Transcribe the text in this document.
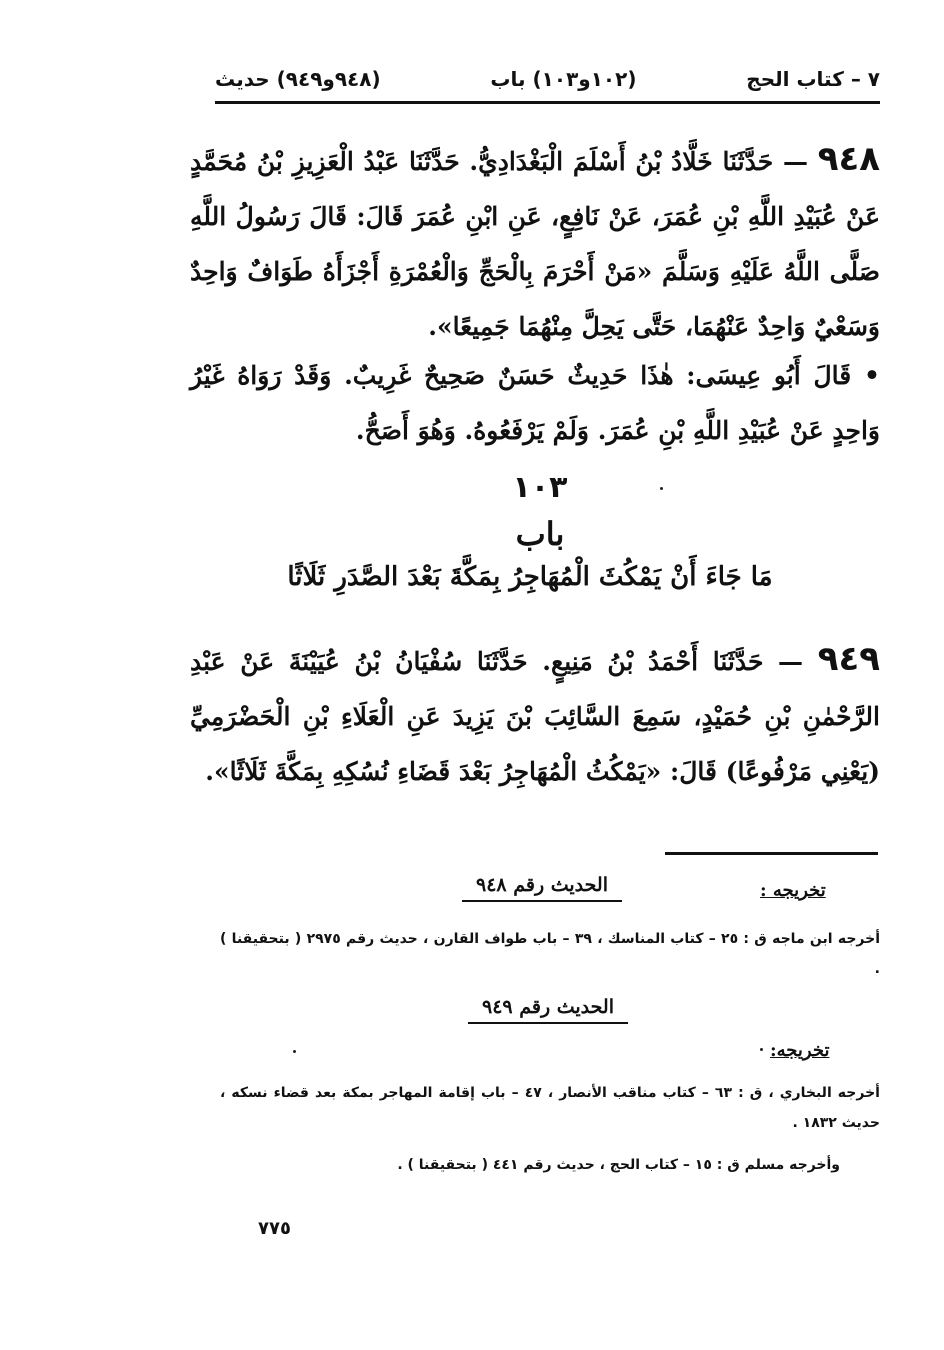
٧ – كتاب الحج
(١٠٢و١٠٣) باب
(٩٤٨و٩٤٩) حديث
٩٤٨ — حَدَّثَنَا خَلَّادُ بْنُ أَسْلَمَ الْبَغْدَادِيُّ. حَدَّثَنَا عَبْدُ الْعَزِيزِ بْنُ مُحَمَّدٍ عَنْ عُبَيْدِ اللَّهِ بْنِ عُمَرَ، عَنْ نَافِعٍ، عَنِ ابْنِ عُمَرَ قَالَ: قَالَ رَسُولُ اللَّهِ صَلَّى اللَّهُ عَلَيْهِ وَسَلَّمَ «مَنْ أَحْرَمَ بِالْحَجِّ وَالْعُمْرَةِ أَجْزَأَهُ طَوَافٌ وَاحِدٌ وَسَعْيٌ وَاحِدٌ عَنْهُمَا، حَتَّى يَحِلَّ مِنْهُمَا جَمِيعًا».
• قَالَ أَبُو عِيسَى: هٰذَا حَدِيثٌ حَسَنٌ صَحِيحٌ غَرِيبٌ. وَقَدْ رَوَاهُ غَيْرُ وَاحِدٍ عَنْ عُبَيْدِ اللَّهِ بْنِ عُمَرَ. وَلَمْ يَرْفَعُوهُ. وَهُوَ أَصَحُّ.
١٠٣
باب
مَا جَاءَ أَنْ يَمْكُثَ الْمُهَاجِرُ بِمَكَّةَ بَعْدَ الصَّدَرِ ثَلَاثًا
٩٤٩ — حَدَّثَنَا أَحْمَدُ بْنُ مَنِيعٍ. حَدَّثَنَا سُفْيَانُ بْنُ عُيَيْنَةَ عَنْ عَبْدِ الرَّحْمٰنِ بْنِ حُمَيْدٍ، سَمِعَ السَّائِبَ بْنَ يَزِيدَ عَنِ الْعَلَاءِ بْنِ الْحَضْرَمِيِّ (يَعْنِي مَرْفُوعًا) قَالَ: «يَمْكُثُ الْمُهَاجِرُ بَعْدَ قَضَاءِ نُسُكِهِ بِمَكَّةَ ثَلَاثًا».
تخريجه :
الحديث رقم ٩٤٨
أخرجه ابن ماجه ق : ٢٥ – كتاب المناسك ، ٣٩ – باب طواف القارن ، حديث رقم ٢٩٧٥ ( بتحقيقنا ) .
الحديث رقم ٩٤٩
تخريجه:
أخرجه البخاري ، ق : ٦٣ – كتاب مناقب الأنصار ، ٤٧ – باب إقامة المهاجر بمكة بعد قضاء نسكه ، حديث ١٨٣٢ .
وأخرجه مسلم ق : ١٥ – كتاب الحج ، حديث رقم ٤٤١ ( بتحقيقنا ) .
٧٧٥
